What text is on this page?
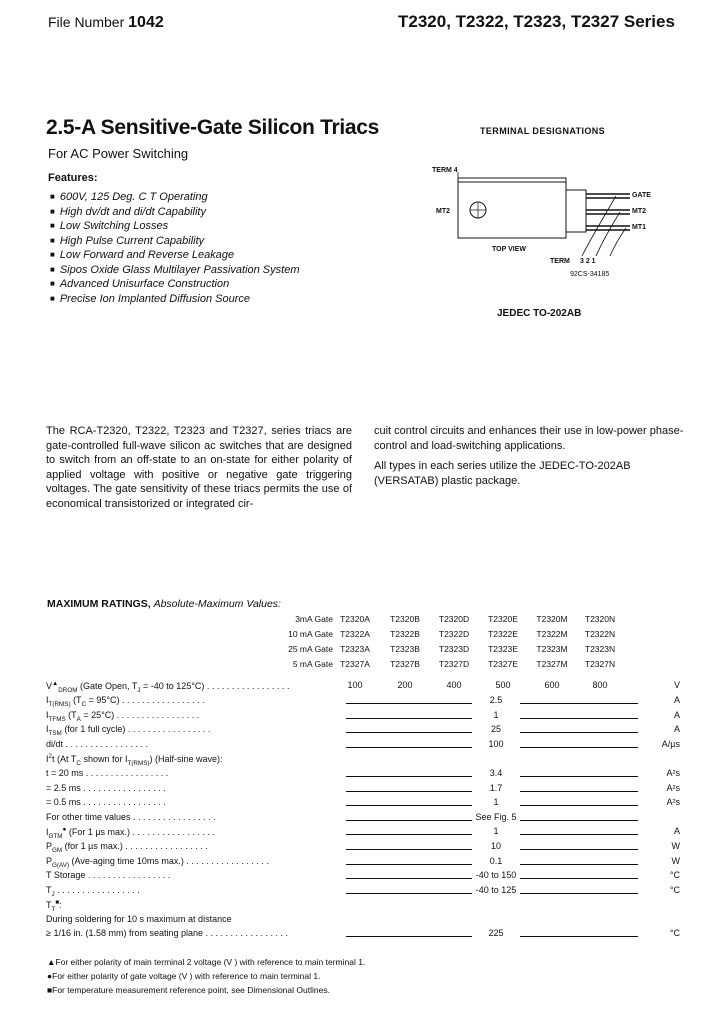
File Number 1042	T2320, T2322, T2323, T2327 Series
2.5-A Sensitive-Gate Silicon Triacs
For AC Power Switching
Features:
■ 600V, 125 Deg. C T Operating
■ High dv/dt and di/dt Capability
■ Low Switching Losses
■ High Pulse Current Capability
■ Low Forward and Reverse Leakage
■ Sipos Oxide Glass Multilayer Passivation System
■ Advanced Unisurface Construction
■ Precise Ion Implanted Diffusion Source
TERMINAL DESIGNATIONS
TERM 4
MT2
GATE
MT2
MT1
TOP VIEW
TERM 3 2 1
92CS-34185
JEDEC TO-202AB
The RCA-T2320, T2322, T2323 and T2327, series triacs are gate-controlled full-wave silicon ac switches that are designed to switch from an off-state to an on-state for either polarity of applied voltage with positive or negative gate triggering voltages. The gate sensitivity of these triacs permits the use of economical transistorized or integrated cir-

cuit control circuits and enhances their use in low-power phase-control and load-switching applications.

All types in each series utilize the JEDEC-TO-202AB (VERSATAB) plastic package.

MAXIMUM RATINGS, Absolute-Maximum Values:
3mA Gate T2320A	T2320B	T2320D	T2320E	T2320M	T2320N
10 mA Gate T2322A	T2322B	T2322D	T2322E	T2322M	T2322N
25 mA Gate T2323A	T2323B	T2323D	T2323E	T2323M	T2323N
5 mA Gate T2327A	T2327B	T2327D	T2327E	T2327M	T2327N
$V^▲_{DROM}$ (Gate Open, $T_J = -40$ to 125°C) . . . . . . . . . . . . . . . . .	100	200	400	500	600	800	V
$I_{T(RMS)}$ $(T_C = 95^\circ C)$ . . . . . . . . . . . . . . . . .	2.5	A
$I_{TFMS}$ $(T_A = 25^\circ C)$ . . . . . . . . . . . . . . . . .	1	A
$I_{TSM}$ (for 1 full cycle) . . . . . . . . . . . . . . . . .	25	A
di/dt . . . . . . . . . . . . . . . . .	100	A/µs
$I^2t$ (At $T_C$ shown for $I_{T(RMS)}$) (Half-sine wave):
t = 20 ms . . . . . . . . . . . . . . . . .	3.4	A²s
= 2.5 ms . . . . . . . . . . . . . . . . .	1.7	A²s
= 0.5 ms . . . . . . . . . . . . . . . . .	1	A²s
For other time values . . . . . . . . . . . . . . . . .	See Fig. 5
$I_{GTM}^●$ (For 1 µs max.) . . . . . . . . . . . . . . . . .	1	A
$P_{GM}$ (for 1 µs max.) . . . . . . . . . . . . . . . . .	10	W
$P_{G(AV)}$ (Ave-aging time 10ms max.) . . . . . . . . . . . . . . . . .	0.1	W
T Storage . . . . . . . . . . . . . . . . .	-40 to 150	°C
$T_J$ . . . . . . . . . . . . . . . . .	-40 to 125	°C
$T_T^■$:
During soldering for 10 s maximum at distance
≥ 1/16 in. (1.58 mm) from seating plane . . . . . . . . . . . . . . . . .	225	°C
▲For either polarity of main terminal 2 voltage (V ) with reference to main terminal 1.
●For either polarity of gate voltage (V ) with reference to main terminal 1.
■For temperature measurement reference point, see Dimensional Outlines.
